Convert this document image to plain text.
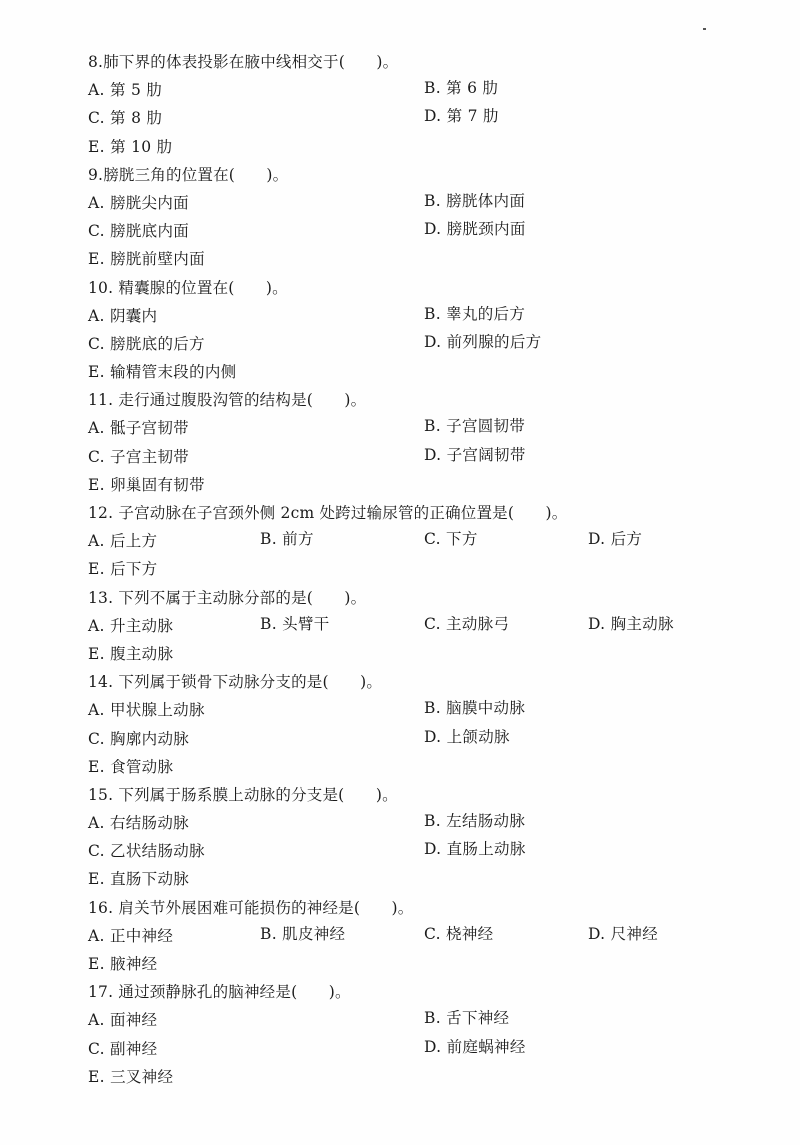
8.肺下界的体表投影在腋中线相交于(　　)。
A. 第 5 肋	B. 第 6 肋
C. 第 8 肋	D. 第 7 肋
E. 第 10 肋
9.膀胱三角的位置在(　　)。
A. 膀胱尖内面	B. 膀胱体内面
C. 膀胱底内面	D. 膀胱颈内面
E. 膀胱前壁内面
10. 精囊腺的位置在(　　)。
A. 阴囊内	B. 睾丸的后方
C. 膀胱底的后方	D. 前列腺的后方
E. 输精管末段的内侧
11. 走行通过腹股沟管的结构是(　　)。
A. 骶子宫韧带	B. 子宫圆韧带
C. 子宫主韧带	D. 子宫阔韧带
E. 卵巢固有韧带
12. 子宫动脉在子宫颈外侧 2cm 处跨过输尿管的正确位置是(　　)。
A. 后上方	B. 前方	C. 下方	D. 后方
E. 后下方
13. 下列不属于主动脉分部的是(　　)。
A. 升主动脉	B. 头臂干	C. 主动脉弓	D. 胸主动脉
E. 腹主动脉
14. 下列属于锁骨下动脉分支的是(　　)。
A. 甲状腺上动脉	B. 脑膜中动脉
C. 胸廓内动脉	D. 上颌动脉
E. 食管动脉
15. 下列属于肠系膜上动脉的分支是(　　)。
A. 右结肠动脉	B. 左结肠动脉
C. 乙状结肠动脉	D. 直肠上动脉
E. 直肠下动脉
16. 肩关节外展困难可能损伤的神经是(　　)。
A. 正中神经	B. 肌皮神经	C. 桡神经	D. 尺神经
E. 腋神经
17. 通过颈静脉孔的脑神经是(　　)。
A. 面神经	B. 舌下神经
C. 副神经	D. 前庭蜗神经
E. 三叉神经
